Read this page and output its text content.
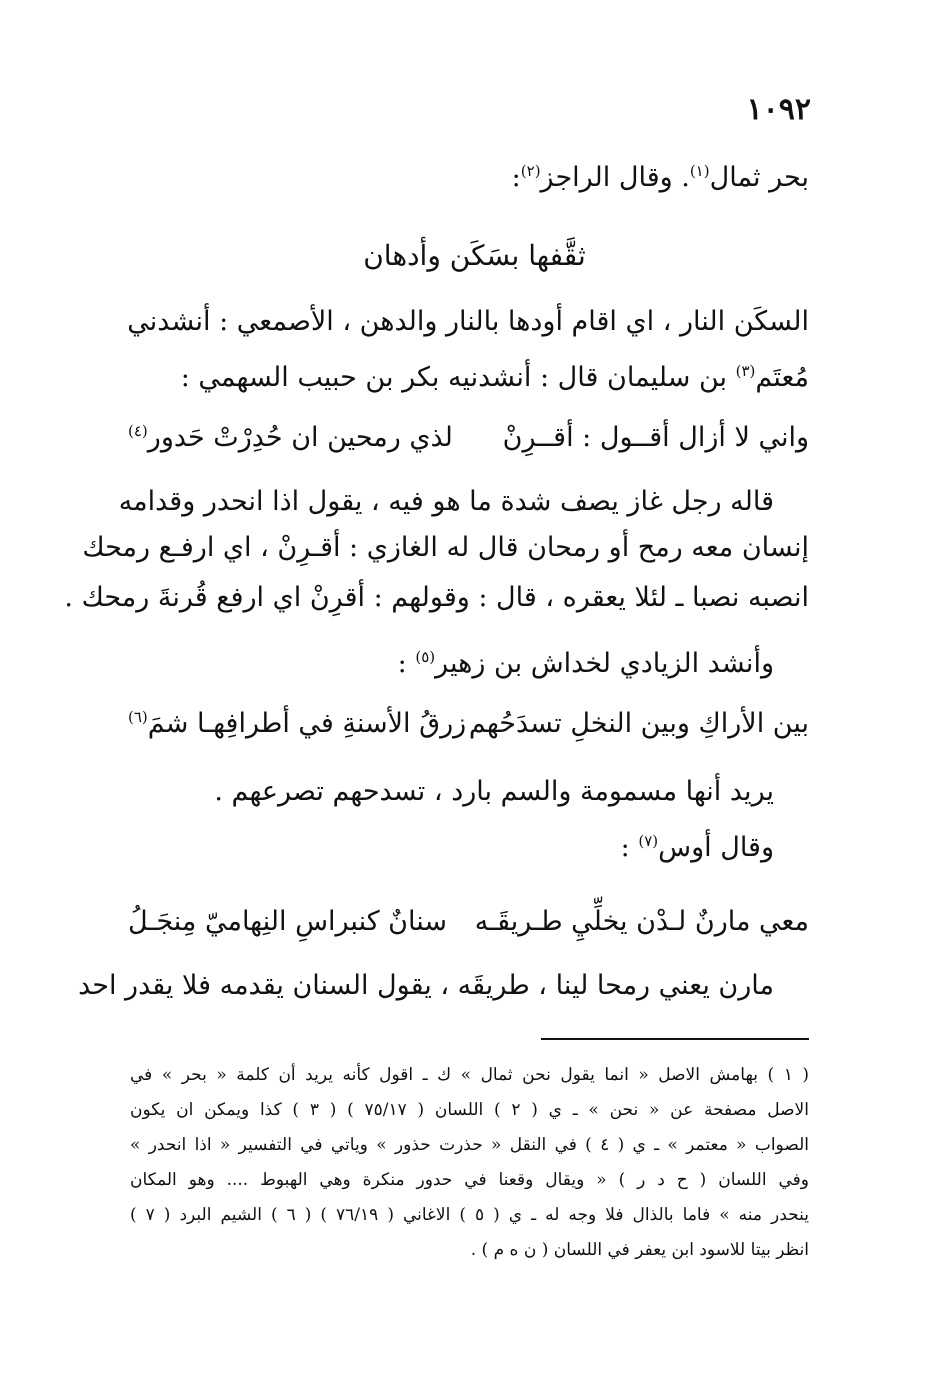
١٠٩٢
بحر ثمال$^{(١)}$. وقال الراجز$^{(٢)}$:
ثقَّفها بسَكَن وأدهان
السكَن النار ، اي اقام أودها بالنار والدهن ، الأصمعي : أنشدني
مُعتَم$^{(٣)}$ بن سليمان قال : أنشدنيه بكر بن حبيب السهمي :
واني لا أزال أقــول : أقــرِنْ
لذي رمحين ان حُدِرْتْ حَدور$^{(٤)}$
قاله رجل غاز يصف شدة ما هو فيه ، يقول اذا انحدر وقدامه
إنسان معه رمح أو رمحان قال له الغازي : أقـرِنْ ، اي ارفـع رمحك
انصبه نصبا ـ لئلا يعقره ، قال : وقولهم : أقرِنْ اي ارفع قُرنةَ رمحك .
وأنشد الزيادي لخداش بن زهير$^{(٥)}$ :
بين الأراكِ وبين النخلِ تسدَحُهم
زرقُ الأسنةِ في أطرافِهـا شمَ$^{(٦)}$
يريد أنها مسمومة والسم بارد ، تسدحهم تصرعهم .
وقال أوس$^{(٧)}$ :
معي مارنٌ لـدْن يخلِّيِ طـريقَـه
سنانٌ كنبراسِ النِهاميّ مِنجَـلُ
مارن يعني رمحا لينا ، طريقَه ، يقول السنان يقدمه فلا يقدر احد
( ١ ) بهامش الاصل « انما يقول نحن ثمال » ك ـ اقول كأنه يريد أن كلمة « بحر » في
الاصل مصفحة عن « نحن » ـ ي ( ٢ ) اللسان ( ٧٥/١٧ ) ( ٣ ) كذا ويمكن ان يكون
الصواب « معتمر » ـ ي ( ٤ ) في النقل « حذرت حذور » وياتي في التفسير « اذا انحدر »
وفي اللسان ( ح د ر ) « ويقال وقعنا في حدور منكرة وهي الهبوط .... وهو المكان
ينحدر منه » فاما بالذال فلا وجه له ـ ي ( ٥ ) الاغاني ( ٧٦/١٩ ) ( ٦ ) الشيم البرد ( ٧ )
انظر بيتا للاسود ابن يعفر في اللسان ( ن ه م ) .
